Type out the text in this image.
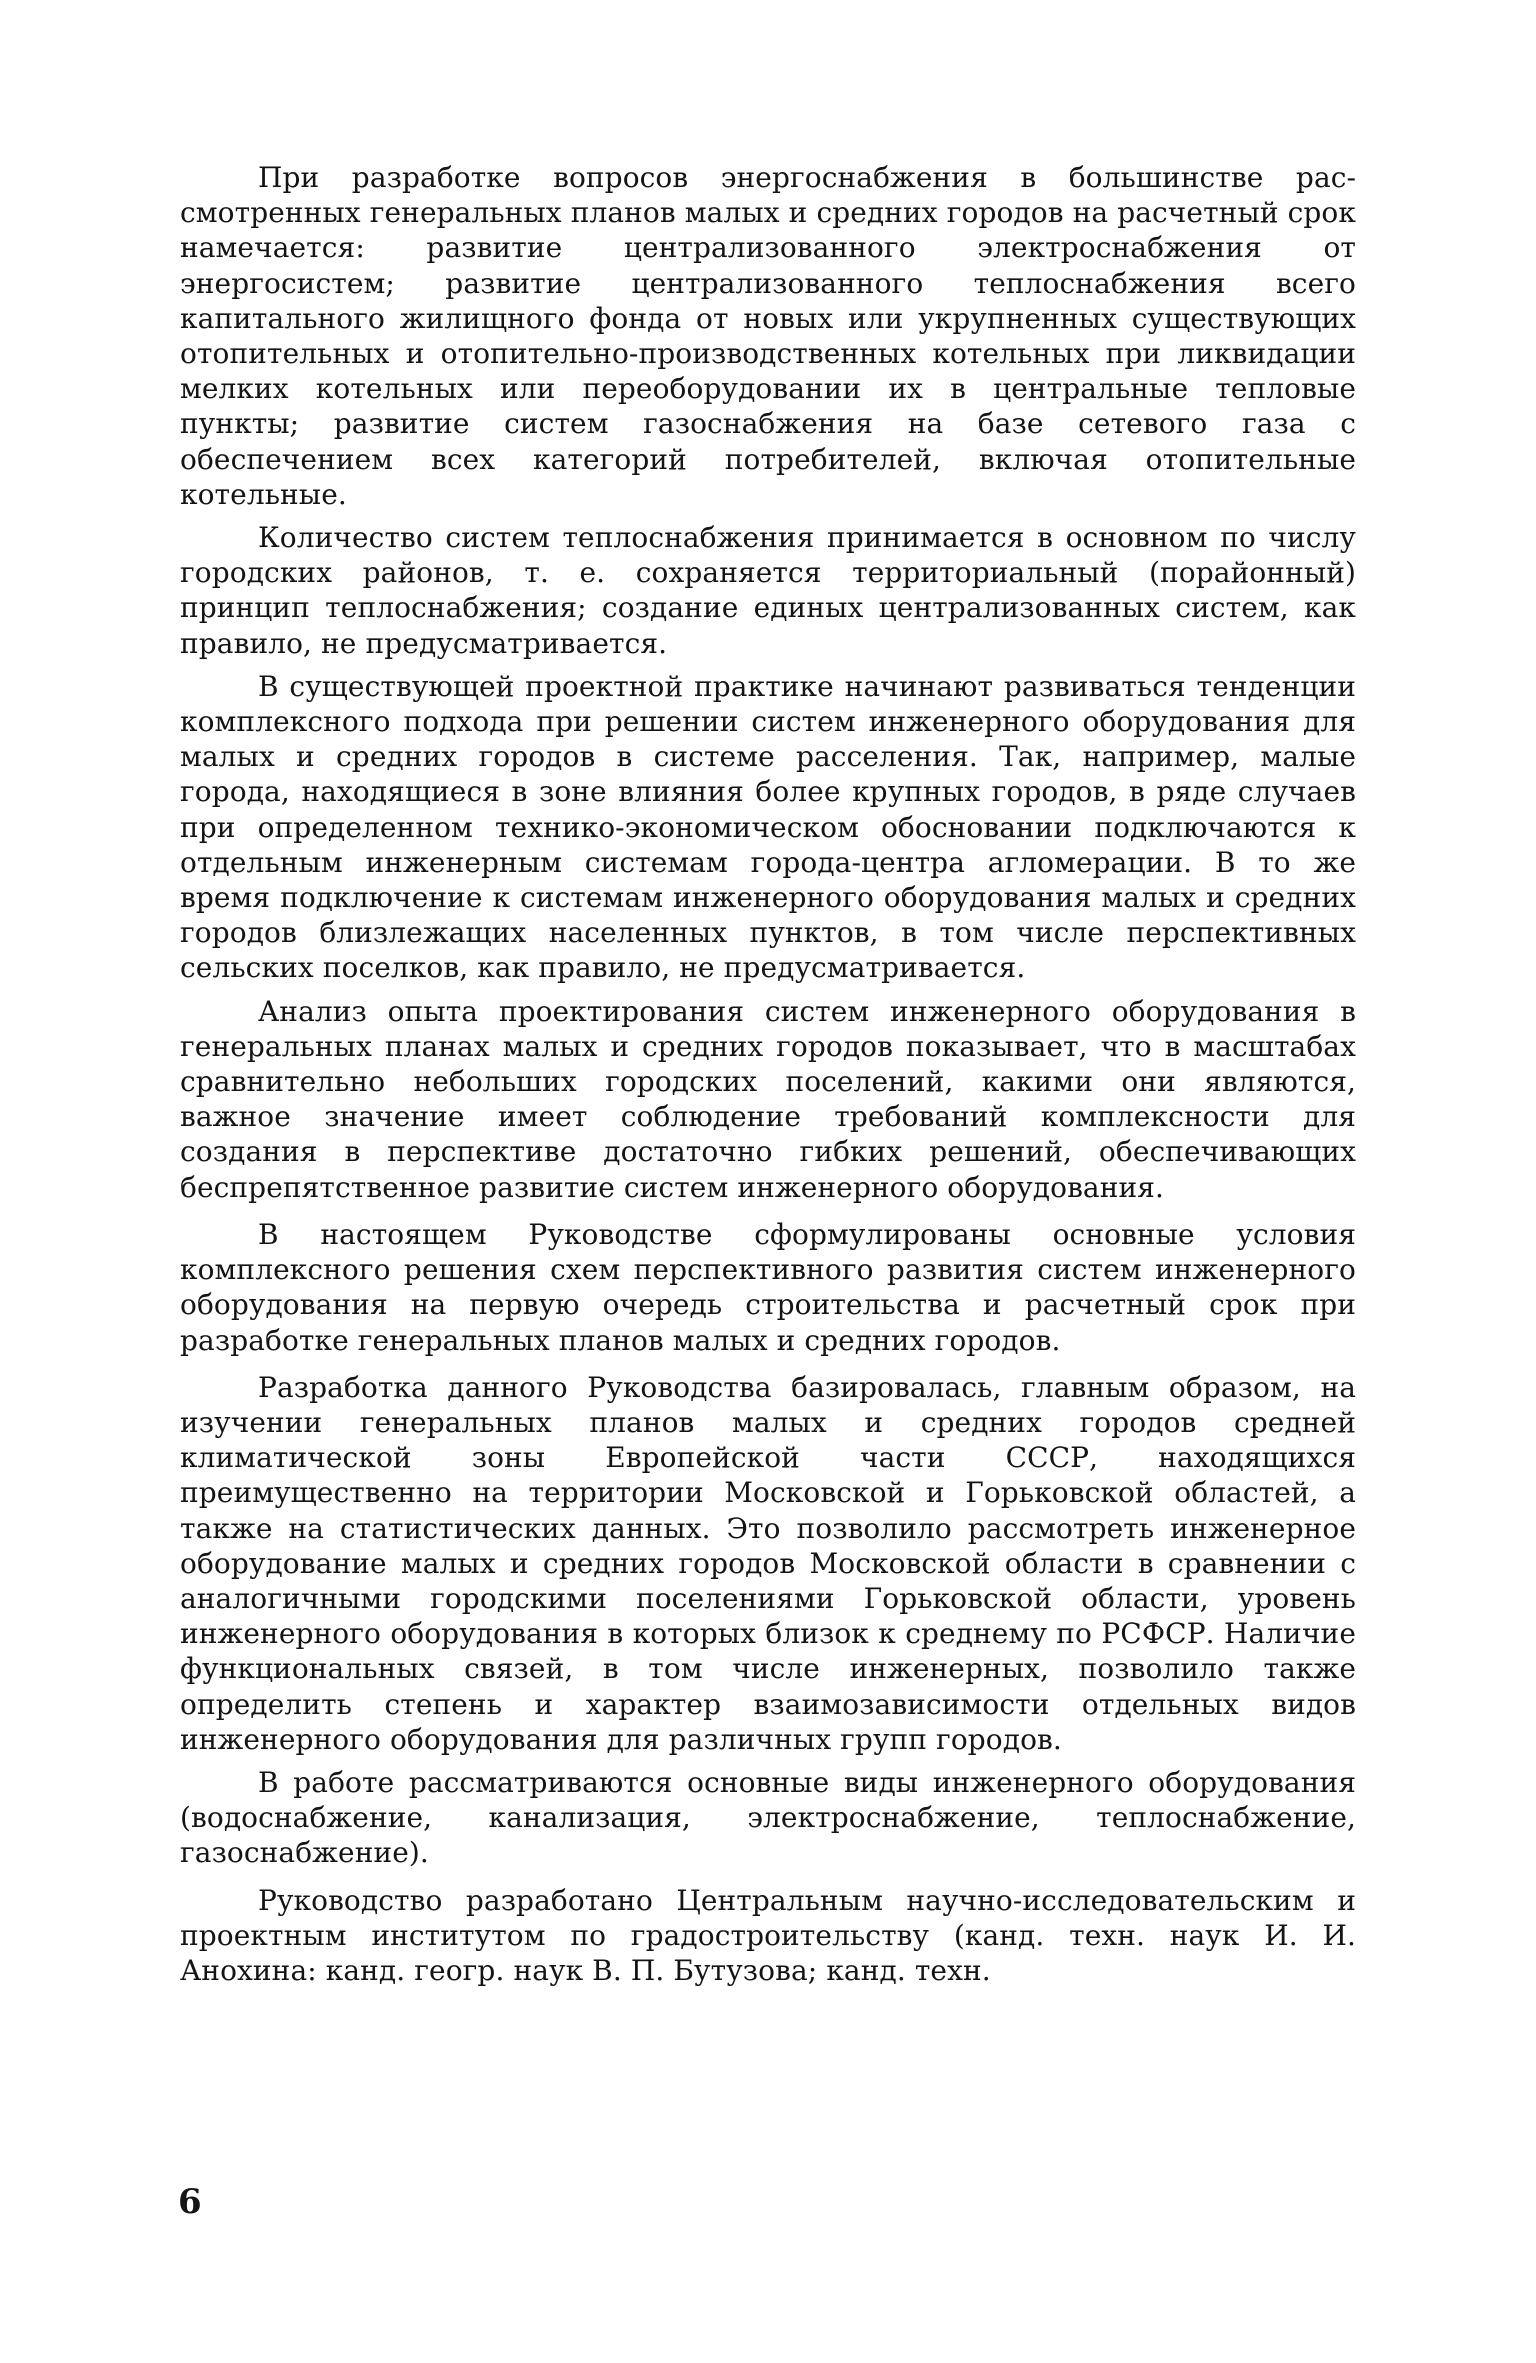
При разработке вопросов энергоснабжения в большинстве рассмотренных генеральных планов малых и средних городов на расчетный срок намечается: развитие централизованного электроснабжения от энергосистем; развитие централизованного теплоснабжения всего капитального жилищного фонда от новых или укрупненных существующих отопительных и отопительно-производственных котельных при ликвидации мелких котельных или переоборудовании их в центральные тепловые пункты; развитие систем газоснабжения на базе сетевого газа с обеспечением всех категорий потребителей, включая отопительные котельные.

Количество систем теплоснабжения принимается в основном по числу городских районов, т. е. сохраняется территориальный (порайонный) принцип теплоснабжения; создание единых централизованных систем, как правило, не предусматривается.

В существующей проектной практике начинают развиваться тенденции комплексного подхода при решении систем инженерного оборудования для малых и средних городов в системе расселения. Так, например, малые города, находящиеся в зоне влияния более крупных городов, в ряде случаев при определенном технико-экономическом обосновании подключаются к отдельным инженерным системам города-центра агломерации. В то же время подключение к системам инженерного оборудования малых и средних городов близлежащих населенных пунктов, в том числе перспективных сельских поселков, как правило, не предусматривается.

Анализ опыта проектирования систем инженерного оборудования в генеральных планах малых и средних городов показывает, что в масштабах сравнительно небольших городских поселений, какими они являются, важное значение имеет соблюдение требований комплексности для создания в перспективе достаточно гибких решений, обеспечивающих беспрепятственное развитие систем инженерного оборудования.

В настоящем Руководстве сформулированы основные условия комплексного решения схем перспективного развития систем инженерного оборудования на первую очередь строительства и расчетный срок при разработке генеральных планов малых и средних городов.

Разработка данного Руководства базировалась, главным образом, на изучении генеральных планов малых и средних городов средней климатической зоны Европейской части СССР, находящихся преимущественно на территории Московской и Горьковской областей, а также на статистических данных. Это позволило рассмотреть инженерное оборудование малых и средних городов Московской области в сравнении с аналогичными городскими поселениями Горьковской области, уровень инженерного оборудования в которых близок к среднему по РСФСР. Наличие функциональных связей, в том числе инженерных, позволило также определить степень и характер взаимозависимости отдельных видов инженерного оборудования для различных групп городов.

В работе рассматриваются основные виды инженерного оборудования (водоснабжение, канализация, электроснабжение, теплоснабжение, газоснабжение).

Руководство разработано Центральным научно-исследовательским и проектным институтом по градостроительству (канд. техн. наук И. И. Анохина: канд. геогр. наук В. П. Бутузова; канд. техн.

6
